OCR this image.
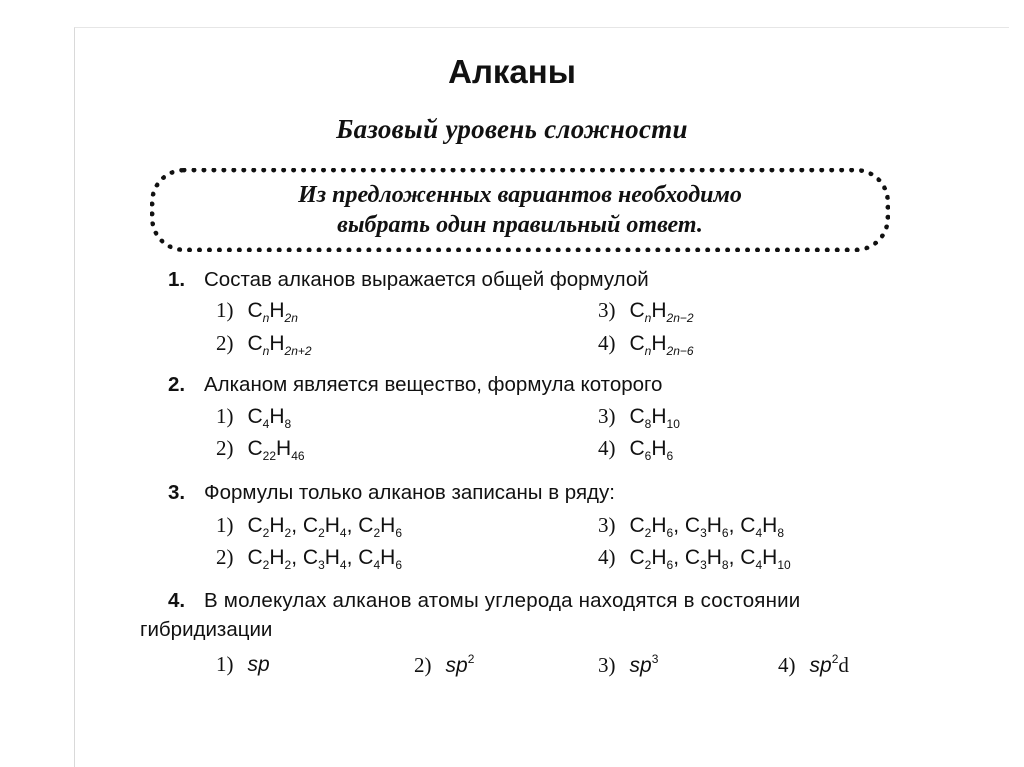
Алканы
Базовый уровень сложности
Из предложенных вариантов необходимо
выбрать один правильный ответ.
1. Состав алканов выражается общей формулой
1) $C_nH_{2n}$
2) $C_nH_{2n+2}$
3) $C_nH_{2n-2}$
4) $C_nH_{2n-6}$
2. Алканом является вещество, формула которого
1) $C_4H_8$
2) $C_{22}H_{46}$
3) $C_8H_{10}$
4) $C_6H_6$
3. Формулы только алканов записаны в ряду:
1) $C_2H_2$, $C_2H_4$, $C_2H_6$
2) $C_2H_2$, $C_3H_4$, $C_4H_6$
3) $C_2H_6$, $C_3H_6$, $C_4H_8$
4) $C_2H_6$, $C_3H_8$, $C_4H_{10}$
4. В молекулах алканов атомы углерода находятся в состоянии
гибридизации
1) sp	2) $sp^2$	3) $sp^3$	4) $sp^2d$
